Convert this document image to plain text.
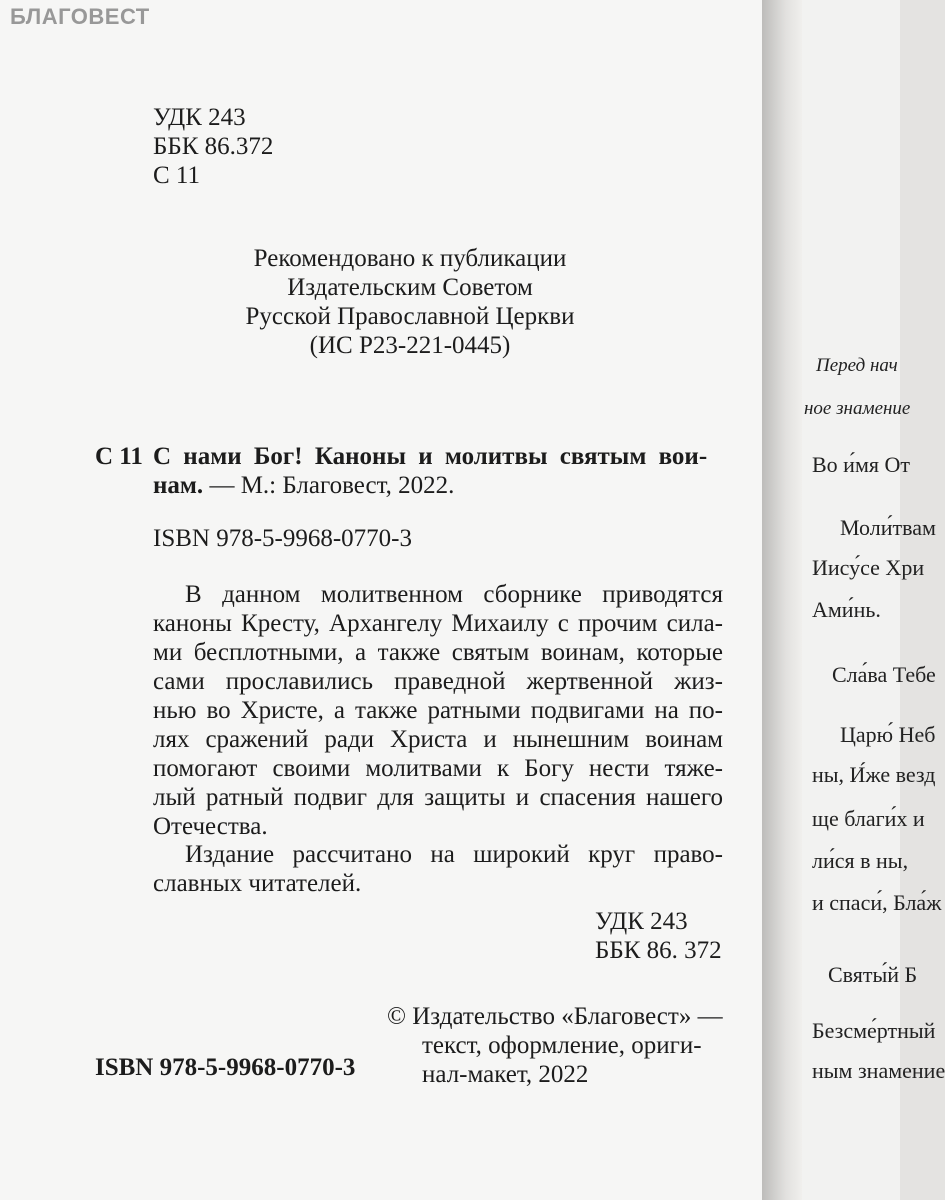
БЛАГОВЕСТ
УДК 243
ББК 86.372
С 11
Рекомендовано к публикации
Издательским Советом
Русской Православной Церкви
(ИС Р23-221-0445)
С 11 С нами Бог! Каноны и молитвы святым вои-
нам. — М.: Благовест, 2022.
ISBN 978-5-9968-0770-3
В данном молитвенном сборнике приводятся
каноны Кресту, Архангелу Михаилу с прочим сила-
ми бесплотными, а также святым воинам, которые
сами прославились праведной жертвенной жиз-
нью во Христе, а также ратными подвигами на по-
лях сражений ради Христа и нынешним воинам
помогают своими молитвами к Богу нести тяже-
лый ратный подвиг для защиты и спасения нашего
Отечества.
Издание рассчитано на широкий круг право-
славных читателей.
УДК 243
ББК 86. 372
© Издательство «Благовест» —
текст, оформление, ориги-
нал-макет, 2022
ISBN 978-5-9968-0770-3
Перед нач
ное знамение
Во и́мя От
Моли́твам
Иису́се Хри
Ами́нь.
Сла́ва Тебе
Царю́ Неб
ны, И́же везд
ще благи́х и
ли́ся в ны,
и спаси́, Бла́ж
Святы́й Б
Безсме́ртный
ным знамение
